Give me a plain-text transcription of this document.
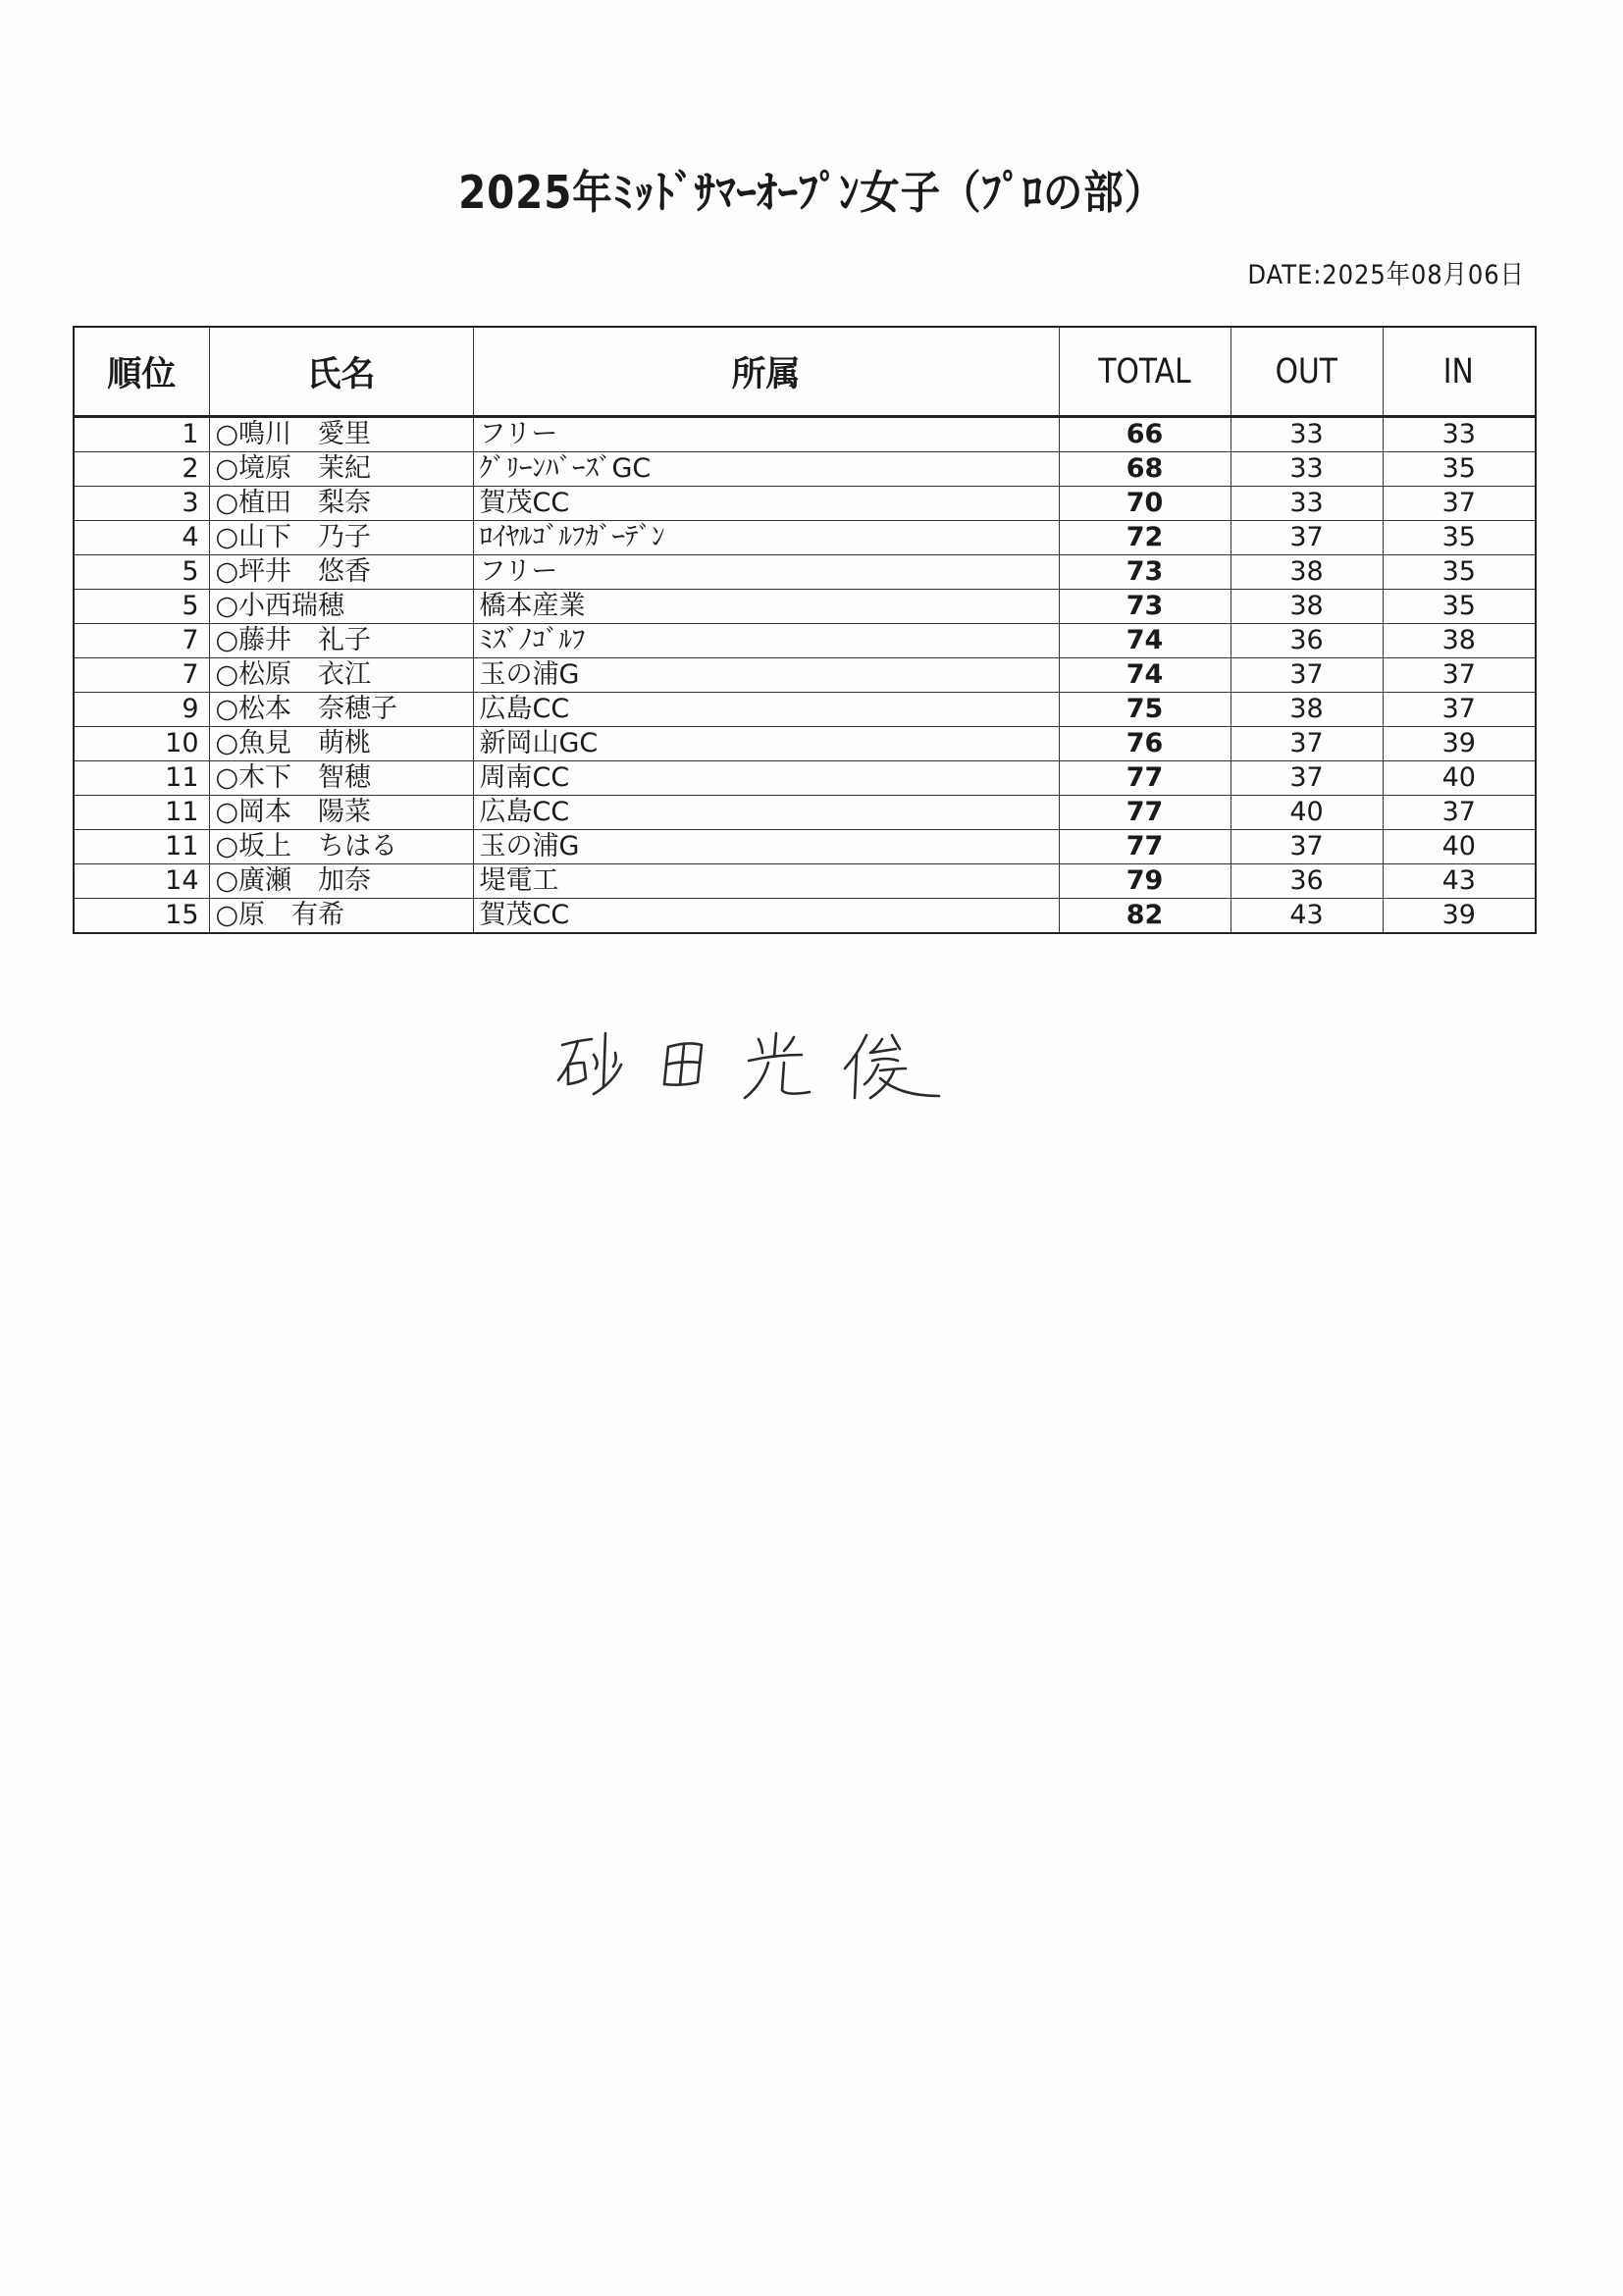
2025年ﾐｯﾄﾞｻﾏｰｵｰﾌﾟﾝ女子（ﾌﾟﾛの部）
DATE:2025年08月06日
順位	氏名	所属	TOTAL	OUT	IN
1	○鳴川　愛里	フリー	66	33	33
2	○境原　茉紀	ｸﾞﾘｰﾝﾊﾞｰｽﾞGC	68	33	35
3	○植田　梨奈	賀茂CC	70	33	37
4	○山下　乃子	ﾛｲﾔﾙｺﾞﾙﾌｶﾞｰﾃﾞﾝ	72	37	35
5	○坪井　悠香	フリー	73	38	35
5	○小西瑞穂	橋本産業	73	38	35
7	○藤井　礼子	ﾐｽﾞﾉｺﾞﾙﾌ	74	36	38
7	○松原　衣江	玉の浦G	74	37	37
9	○松本　奈穂子	広島CC	75	38	37
10	○魚見　萌桃	新岡山GC	76	37	39
11	○木下　智穂	周南CC	77	37	40
11	○岡本　陽菜	広島CC	77	40	37
11	○坂上　ちはる	玉の浦G	77	37	40
14	○廣瀬　加奈	堤電工	79	36	43
15	○原　有希	賀茂CC	82	43	39
